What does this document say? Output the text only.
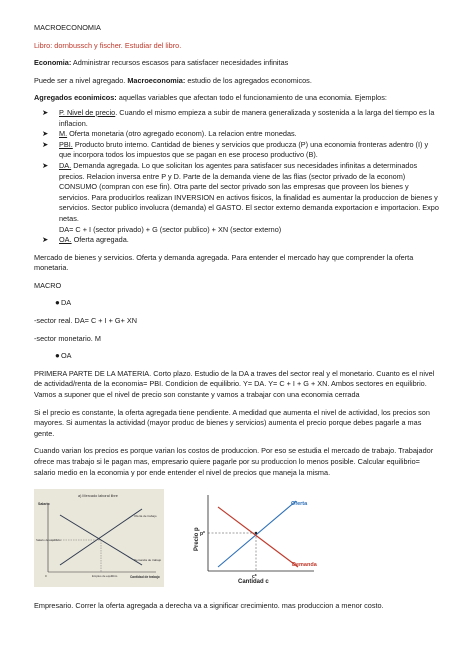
MACROECONOMIA

Libro: dornbussch y fischer. Estudiar del libro.

Economia: Administrar recursos escasos para satisfacer necesidades infinitas

Puede ser a nivel agregado. Macroeconomia: estudio de los agregados economicos.

Agregados econimicos: aquellas variables que afectan todo el funcionamiento de una economia. Ejemplos:

➤ P. Nivel de precio. Cuando el mismo empieza a subir de manera generalizada y sostenida a la larga del tiempo es la inflacion.
➤ M. Oferta monetaria (otro agregado econom). La relacion entre monedas.
➤ PBI. Producto bruto interno. Cantidad de bienes y servicios que producza (P) una economia fronteras adentro (I) y que incorpora todos los impuestos que se pagan en ese proceso productivo (B).
➤ DA. Demanda agregada. Lo que solicitan los agentes para satisfacer sus necesidades infinitas a determinados precios. Relacion inversa entre P y D. Parte de la demanda viene de las flias (sector privado de la econom) CONSUMO (compran con ese fin). Otra parte del sector privado son las empresas que proveen los bienes y servicios. Para producirlos realizan INVERSION en activos fisicos, la finalidad es aumentar la produccion de bienes y servicios. Sector publico involucra (demanda) el GASTO. El sector externo demanda exportacion e importacion. Expo netas.
DA= C + I (sector privado) + G (sector publico) + XN (sector externo)
➤ OA. Oferta agregada.

Mercado de bienes y servicios. Oferta y demanda agregada. Para entender el mercado hay que comprender la oferta monetaria.

MACRO

● DA

-sector real. DA= C + I + G+ XN

-sector monetario. M

● OA

PRIMERA PARTE DE LA MATERIA. Corto plazo. Estudio de la DA a traves del sector real y el monetario. Cuanto es el nivel de actividad/renta de la economia= PBI. Condicion de equilibrio. Y= DA. Y= C + I + G + XN. Ambos sectores en equilibrio. Vamos a suponer que el nivel de precio son constante y vamos a trabajar con una economia cerrada

Si el precio es constante, la oferta agregada tiene pendiente. A medidad que aumenta el nivel de actividad, los precios son mayores. Si aumentas la actividad (mayor produc de bienes y servicios) aumenta el precio porque debes pagarle a mas gente.

Cuando varian los precios es porque varian los costos de produccion. Por eso se estudia el mercado de trabajo. Trabajador ofrece mas trabajo si le pagan mas, empresario quiere pagarle por su produccion lo menos posible. Calcular equilibrio= salario medio en la economia y por ende entender el nivel de precios que maneja la misma.

a) Mercado laboral libre
Salario
Oferta de trabajo
Demanda de trabajo
Salario de equilibrio
Empleo de equilibrio
0	Cantidad de trabajo
Precio p
Cantidad c
Oferta
Demanda
p*
c*

Empresario. Correr la oferta agregada a derecha va a significar crecimiento. mas produccion a menor costo.
